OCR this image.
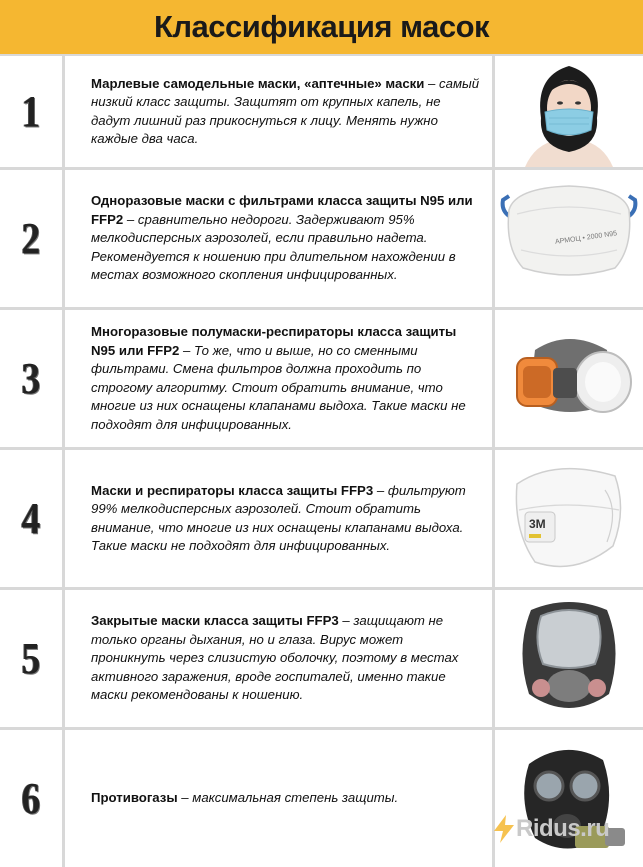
Классификация масок
1
Марлевые самодельные маски, «аптечные» маски – самый низкий класс защиты. Защитят от крупных капель, не дадут лишний раз прикоснуться к лицу. Менять нужно каждые два часа.
2
Одноразовые маски с фильтрами класса защиты N95 или FFP2 – сравнительно недороги. Задерживают 95% мелкодисперсных аэрозолей, если правильно надета. Рекомендуется к ношению при длительном нахождении в местах возможного скопления инфицированных.
АРМОЦ • 2000 N95
3
Многоразовые полумаски-респираторы класса защиты N95 или FFP2 – То же, что и выше, но со сменными фильтрами. Смена фильтров должна проходить по строгому алгоритму. Стоит обратить внимание, что многие из них оснащены клапанами выдоха. Такие маски не подходят для инфицированных.
4
Маски и респираторы класса защиты FFP3 – фильтруют 99% мелкодисперсных аэрозолей. Стоит обратить внимание, что многие из них оснащены клапанами выдоха. Такие маски не подходят для инфицированных.
3M
5
Закрытые маски класса защиты FFP3 – защищают не только органы дыхания, но и глаза. Вирус может проникнуть через слизистую оболочку, поэтому в местах активного заражения, вроде госпиталей, именно такие маски рекомендованы к ношению.
6	Противогазы – максимальная степень защиты.
Ridus.ru
